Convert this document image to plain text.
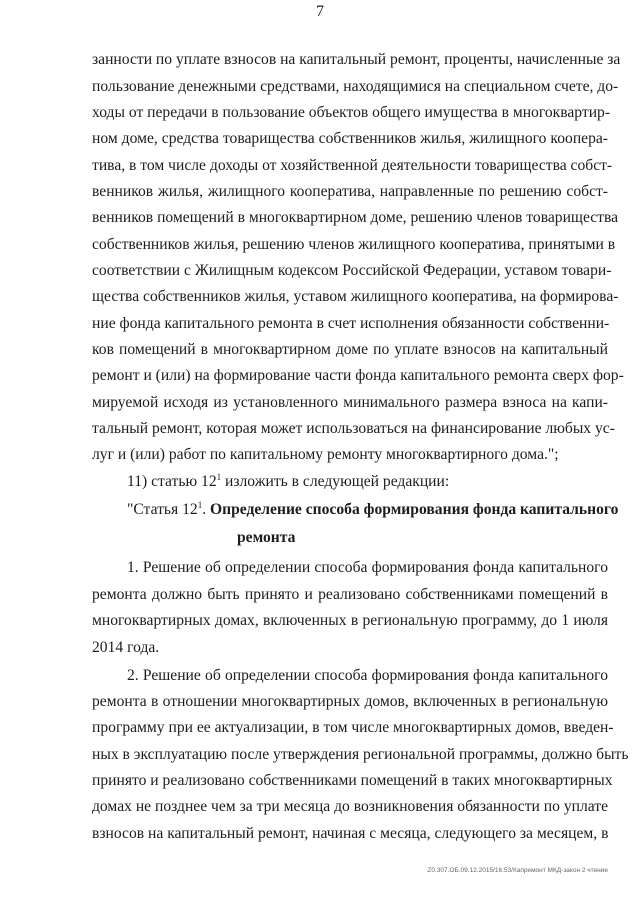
7

занности по уплате взносов на капитальный ремонт, проценты, начисленные за

пользование денежными средствами, находящимися на специальном счете, до-

ходы от передачи в пользование объектов общего имущества в многоквартир-

ном доме, средства товарищества собственников жилья, жилищного коопера-

тива, в том числе доходы от хозяйственной деятельности товарищества собст-

венников жилья, жилищного кооператива, направленные по решению собст-

венников помещений в многоквартирном доме, решению членов товарищества

собственников жилья, решению членов жилищного кооператива, принятыми в

соответствии с Жилищным кодексом Российской Федерации, уставом товари-

щества собственников жилья, уставом жилищного кооператива, на формирова-

ние фонда капитального ремонта в счет исполнения обязанности собственни-

ков помещений в многоквартирном доме по уплате взносов на капитальный

ремонт и (или) на формирование части фонда капитального ремонта сверх фор-

мируемой исходя из установленного минимального размера взноса на капи-

тальный ремонт, которая может использоваться на финансирование любых ус-

луг и (или) работ по капитальному ремонту многоквартирного дома.";

11) статью $12^1$ изложить в следующей редакции:

"Статья $12^1$. Определение способа формирования фонда капитального

ремонта

1. Решение об определении способа формирования фонда капитального

ремонта должно быть принято и реализовано собственниками помещений в

многоквартирных домах, включенных в региональную программу, до 1 июля

2014 года.

2. Решение об определении способа формирования фонда капитального

ремонта в отношении многоквартирных домов, включенных в региональную

программу при ее актуализации, в том числе многоквартирных домов, введен-

ных в эксплуатацию после утверждения региональной программы, должно быть

принято и реализовано собственниками помещений в таких многоквартирных

домах не позднее чем за три месяца до возникновения обязанности по уплате

взносов на капитальный ремонт, начиная с месяца, следующего за месяцем, в

Z0.307.ОБ.09.12.2015/16:53/Капремонт МКД-закон 2 чтение
